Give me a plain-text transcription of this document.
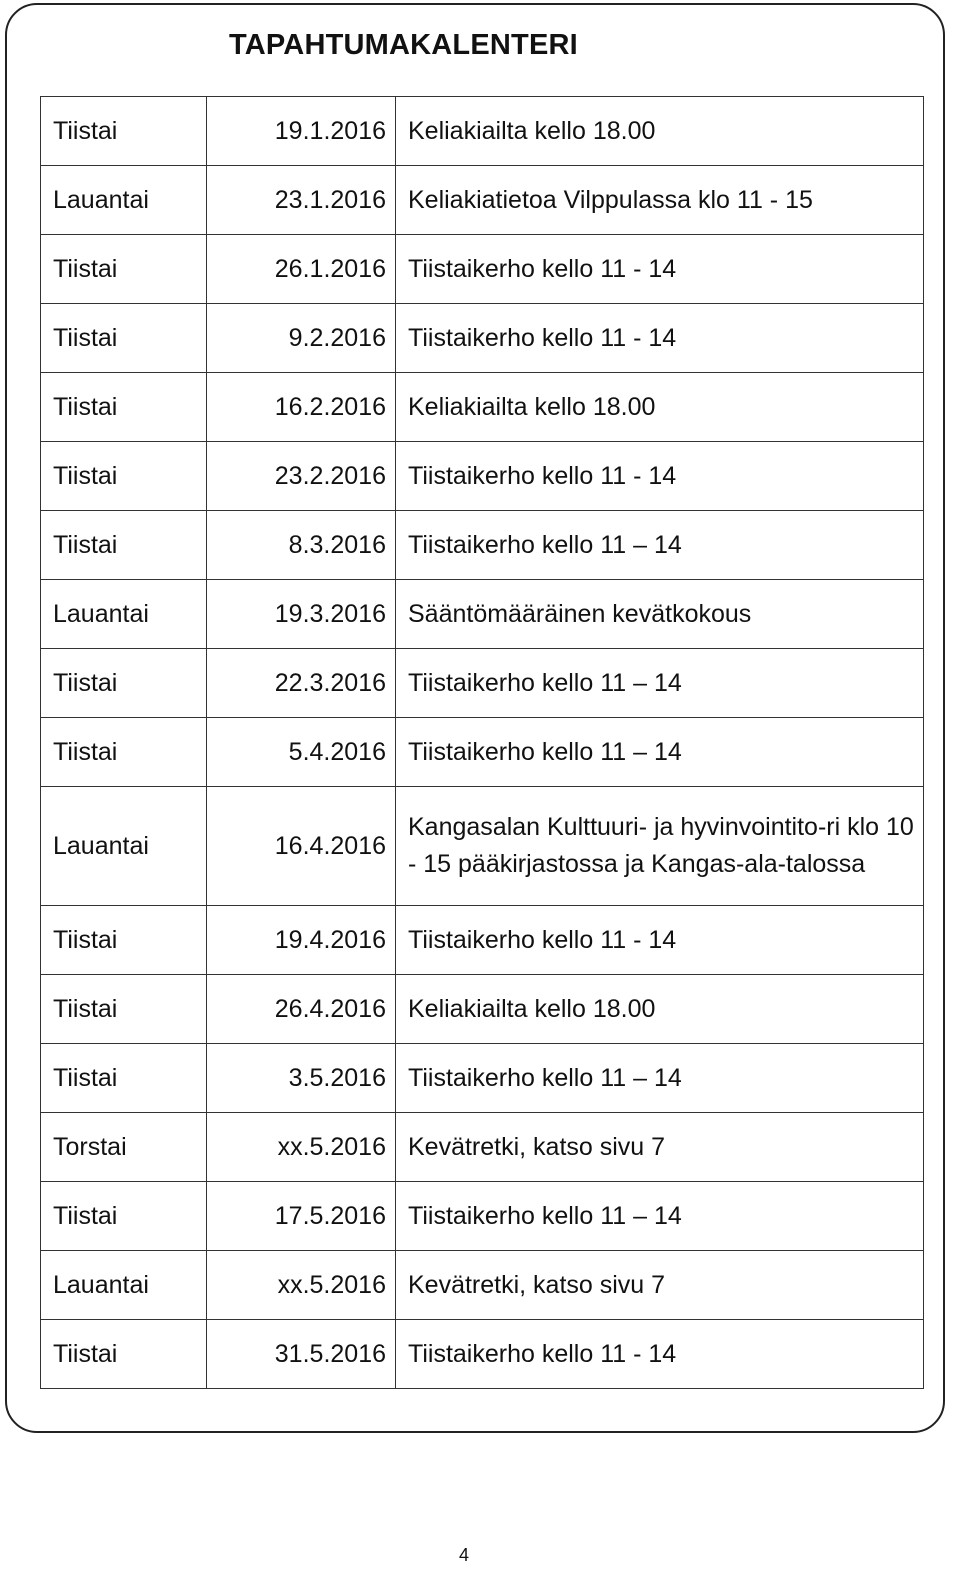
TAPAHTUMAKALENTERI
Tiistai	19.1.2016	Keliakiailta kello 18.00
Lauantai	23.1.2016	Keliakiatietoa Vilppulassa klo 11 - 15
Tiistai	26.1.2016	Tiistaikerho kello 11 - 14
Tiistai	9.2.2016	Tiistaikerho kello 11 - 14
Tiistai	16.2.2016	Keliakiailta kello 18.00
Tiistai	23.2.2016	Tiistaikerho kello 11 - 14
Tiistai	8.3.2016	Tiistaikerho kello 11 – 14
Lauantai	19.3.2016	Sääntömääräinen kevätkokous
Tiistai	22.3.2016	Tiistaikerho kello 11 – 14
Tiistai	5.4.2016	Tiistaikerho kello 11 – 14
Lauantai	16.4.2016	Kangasalan Kulttuuri- ja hyvinvointito-ri klo 10 - 15 pääkirjastossa ja Kangas-ala-talossa
Tiistai	19.4.2016	Tiistaikerho kello 11 - 14
Tiistai	26.4.2016	Keliakiailta kello 18.00
Tiistai	3.5.2016	Tiistaikerho kello 11 – 14
Torstai	xx.5.2016	Kevätretki, katso sivu 7
Tiistai	17.5.2016	Tiistaikerho kello 11 – 14
Lauantai	xx.5.2016	Kevätretki, katso sivu 7
Tiistai	31.5.2016	Tiistaikerho kello 11 - 14
4
